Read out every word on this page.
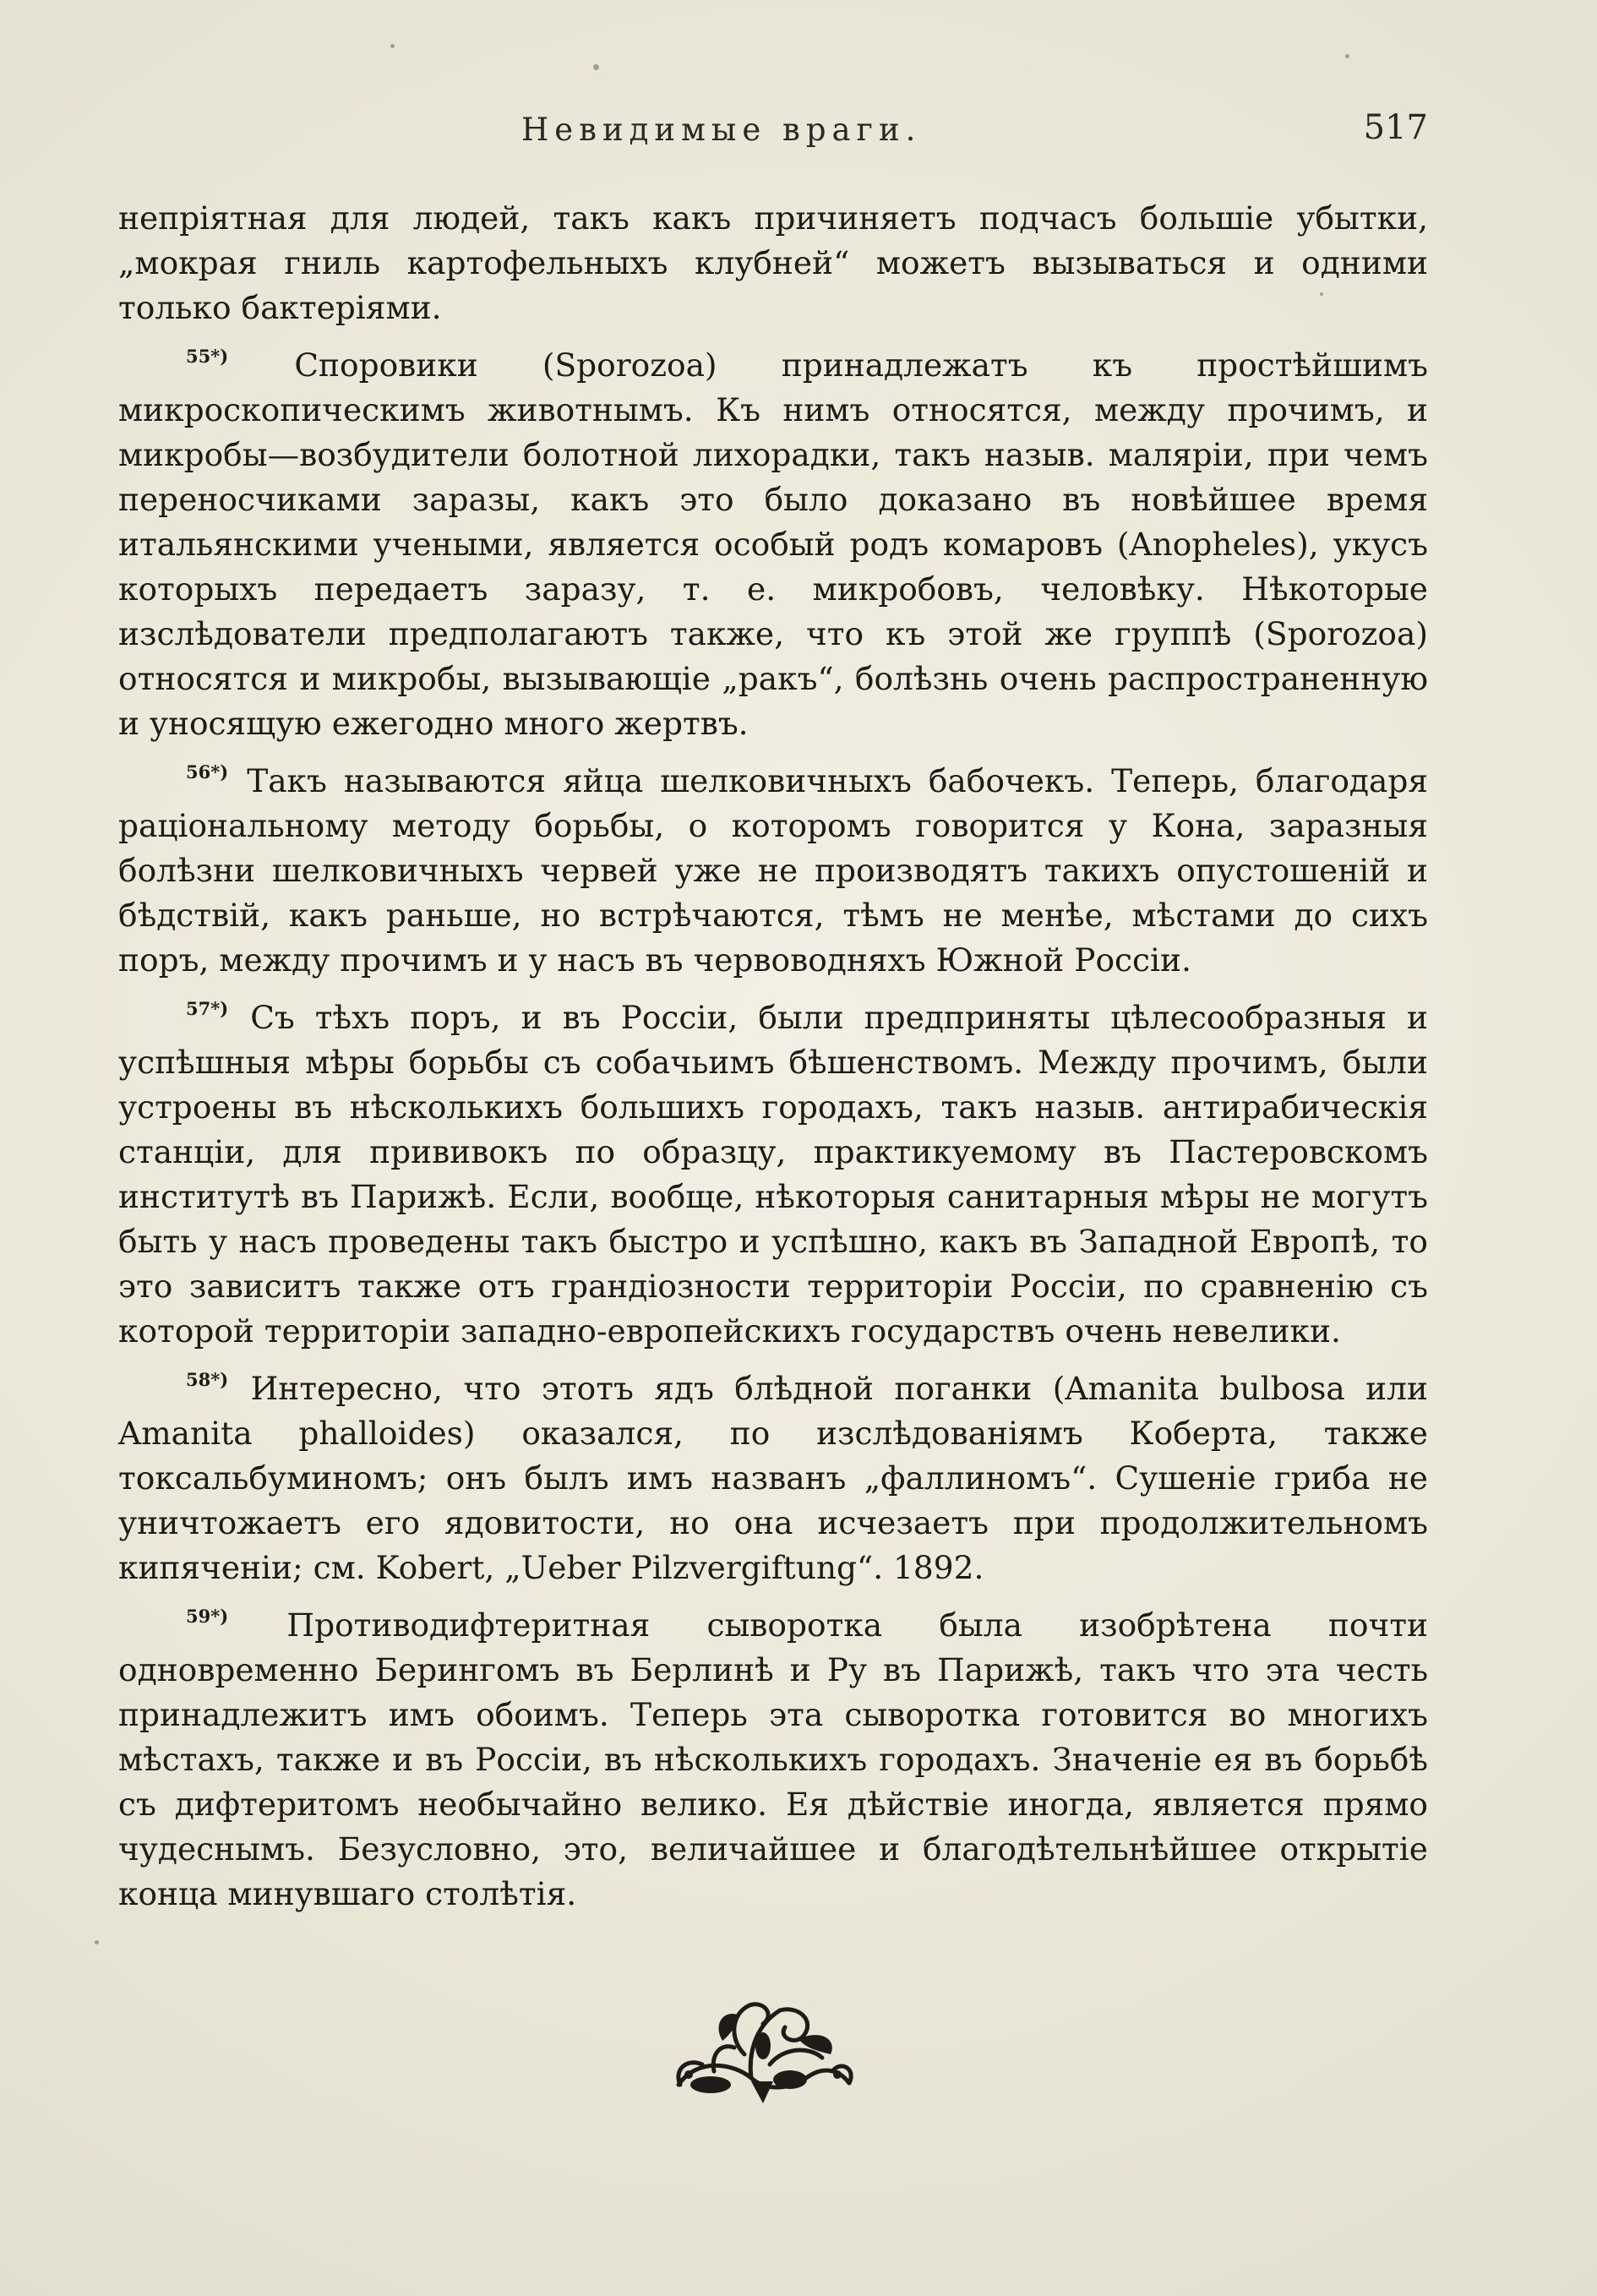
Невидимые враги.	517

непріятная для людей, такъ какъ причиняетъ подчасъ большіе убытки, „мокрая гниль картофельныхъ клубней“ можетъ вызываться и одними только бактеріями.

$^{55*)}$ Споровики (Sporozoa) принадлежатъ къ простѣйшимъ микроскопическимъ животнымъ. Къ нимъ относятся, между прочимъ, и микробы—возбудители болотной лихорадки, такъ назыв. маляріи, при чемъ переносчиками заразы, какъ это было доказано въ новѣйшее время итальянскими учеными, является особый родъ комаровъ (Anopheles), укусъ которыхъ передаетъ заразу, т. е. микробовъ, человѣку. Нѣкоторые изслѣдователи предполагаютъ также, что къ этой же группѣ (Sporozoa) относятся и микробы, вызывающіе „ракъ“, болѣзнь очень распространенную и уносящую ежегодно много жертвъ.

$^{56*)}$ Такъ называются яйца шелковичныхъ бабочекъ. Теперь, благодаря раціональному методу борьбы, о которомъ говорится у Кона, заразныя болѣзни шелковичныхъ червей уже не производятъ такихъ опустошеній и бѣдствій, какъ раньше, но встрѣчаются, тѣмъ не менѣе, мѣстами до сихъ поръ, между прочимъ и у насъ въ червоводняхъ Южной Россіи.

$^{57*)}$ Съ тѣхъ поръ, и въ Россіи, были предприняты цѣлесообразныя и успѣшныя мѣры борьбы съ собачьимъ бѣшенствомъ. Между прочимъ, были устроены въ нѣсколькихъ большихъ городахъ, такъ назыв. антирабическія станціи, для прививокъ по образцу, практикуемому въ Пастеровскомъ институтѣ въ Парижѣ. Если, вообще, нѣкоторыя санитарныя мѣры не могутъ быть у насъ проведены такъ быстро и успѣшно, какъ въ Западной Европѣ, то это зависитъ также отъ грандіозности территоріи Россіи, по сравненію съ которой территоріи западно-европейскихъ государствъ очень невелики.

$^{58*)}$ Интересно, что этотъ ядъ блѣдной поганки (Amanita bulbosa или Amanita phalloides) оказался, по изслѣдованіямъ Коберта, также токсальбуминомъ; онъ былъ имъ названъ „фаллиномъ“. Сушеніе гриба не уничтожаетъ его ядовитости, но она исчезаетъ при продолжительномъ кипяченіи; см. Kobert, „Ueber Pilzvergiftung“. 1892.

$^{59*)}$ Противодифтеритная сыворотка была изобрѣтена почти одновременно Берингомъ въ Берлинѣ и Ру въ Парижѣ, такъ что эта честь принадлежитъ имъ обоимъ. Теперь эта сыворотка готовится во многихъ мѣстахъ, также и въ Россіи, въ нѣсколькихъ городахъ. Значеніе ея въ борьбѣ съ дифтеритомъ необычайно велико. Ея дѣйствіе иногда, является прямо чудеснымъ. Безусловно, это, величайшее и благодѣтельнѣйшее открытіе конца минувшаго столѣтія.
